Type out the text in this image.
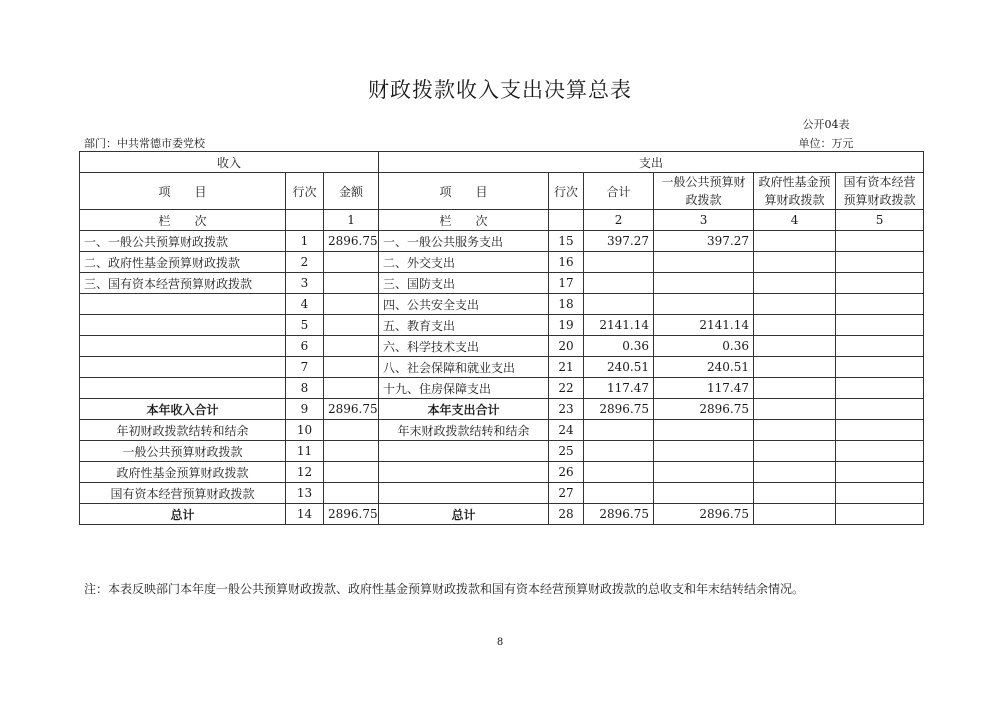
财政拨款收入支出决算总表
公开04表
部门：中共常德市委党校	单位：万元
收入			支出					
项　　目	行次	金额	项　　目	行次	合计	一般公共预算财政拨款	政府性基金预算财政拨款	国有资本经营预算财政拨款
栏　　次		1	栏　　次		2	3	4	5
一、一般公共预算财政拨款	1	2896.75	一、一般公共服务支出	15	397.27	397.27		
二、政府性基金预算财政拨款	2		二、外交支出	16				
三、国有资本经营预算财政拨款	3		三、国防支出	17				
	4		四、公共安全支出	18				
	5		五、教育支出	19	2141.14	2141.14		
	6		六、科学技术支出	20	0.36	0.36		
	7		八、社会保障和就业支出	21	240.51	240.51		
	8		十九、住房保障支出	22	117.47	117.47		
本年收入合计	9	2896.75	本年支出合计	23	2896.75	2896.75		
年初财政拨款结转和结余	10		年末财政拨款结转和结余	24				
一般公共预算财政拨款	11			25				
政府性基金预算财政拨款	12			26				
国有资本经营预算财政拨款	13			27				
总计	14	2896.75	总计	28	2896.75	2896.75		
注：本表反映部门本年度一般公共预算财政拨款、政府性基金预算财政拨款和国有资本经营预算财政拨款的总收支和年末结转结余情况。
8
